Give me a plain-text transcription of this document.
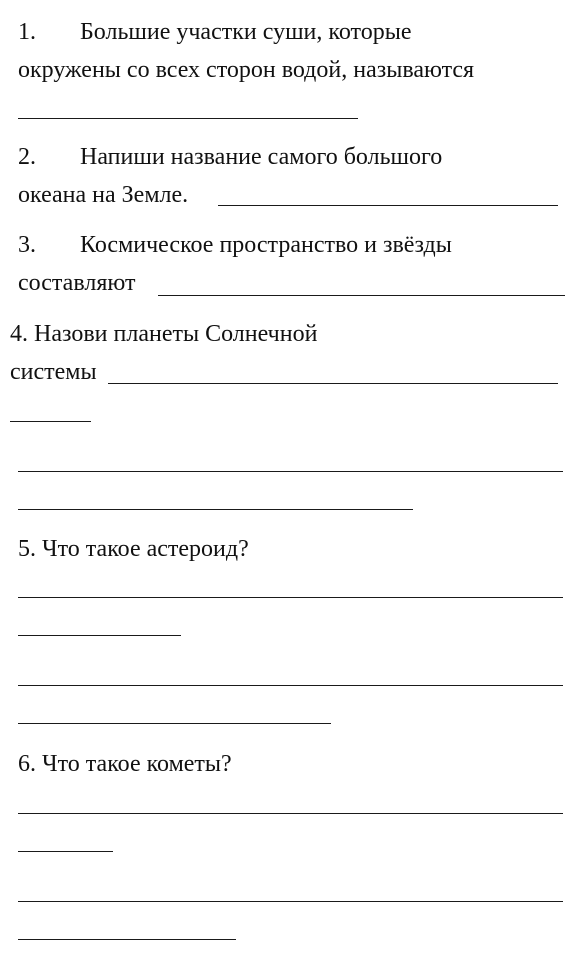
1. Большие участки суши, которые
окружены со всех сторон водой, называются
2. Напиши название самого большого
океана на Земле.
3. Космическое пространство и звёзды
составляют
4. Назови планеты Солнечной
системы
5. Что такое астероид?
6. Что такое кометы?
